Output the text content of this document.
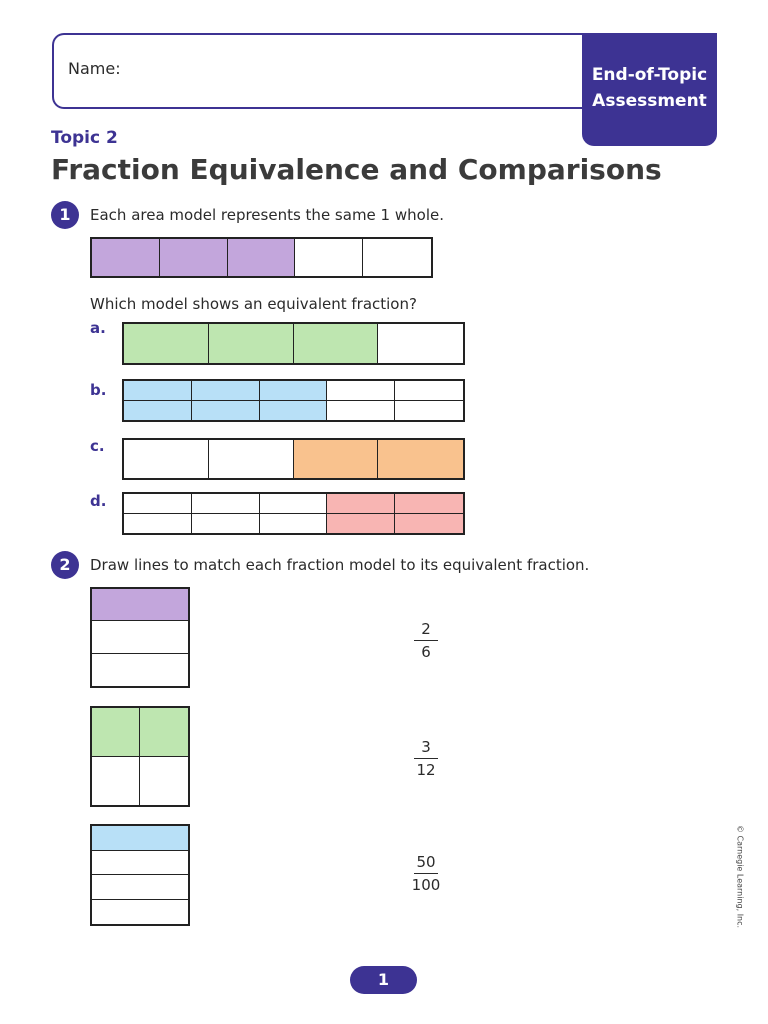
Name:	End-of-Topic
Assessment
Topic 2
Fraction Equivalence and Comparisons
1	Each area model represents the same 1 whole.
Which model shows an equivalent fraction?
a.
b.
c.
d.
2	Draw lines to match each fraction model to its equivalent fraction.
2
6
3
12
50
100	© Carnegie Learning, Inc.
1
